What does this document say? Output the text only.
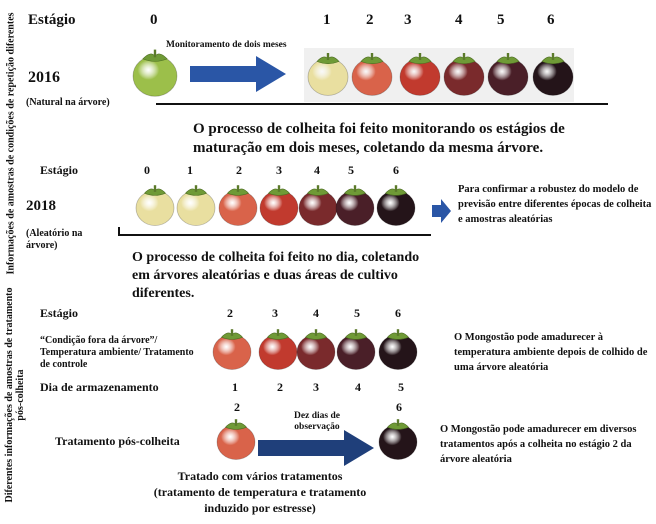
Informações de amostras de condições de repetição diferentes
Diferentes informações de amostras de tratamento pós-colheita
Estágio	0	1 2 3	4 5	6
2016
(Natural na árvore)
Monitoramento de dois meses
O processo de colheita foi feito monitorando os estágios de maturação em dois meses, coletando da mesma árvore.
Estágio	0	1	2	3	4 5	6
2018
(Aleatório na árvore)
O processo de colheita foi feito no dia, coletando em árvores aleatórias e duas áreas de cultivo diferentes.
Para confirmar a robustez do modelo de previsão entre diferentes épocas de colheita e amostras aleatórias
Estágio	2	3	4	5	6
“Condição fora da árvore”/ Temperatura ambiente/ Tratamento de controle
Dia de armazenamento	1	2	3	4	5
O Mongostão pode amadurecer à temperatura ambiente depois de colhido de uma árvore aleatória
2	6
Tratamento pós-colheita
Dez dias de observação
Tratado com vários tratamentos (tratamento de temperatura e tratamento induzido por estresse)
O Mongostão pode amadurecer em diversos tratamentos após a colheita no estágio 2 da árvore aleatória
